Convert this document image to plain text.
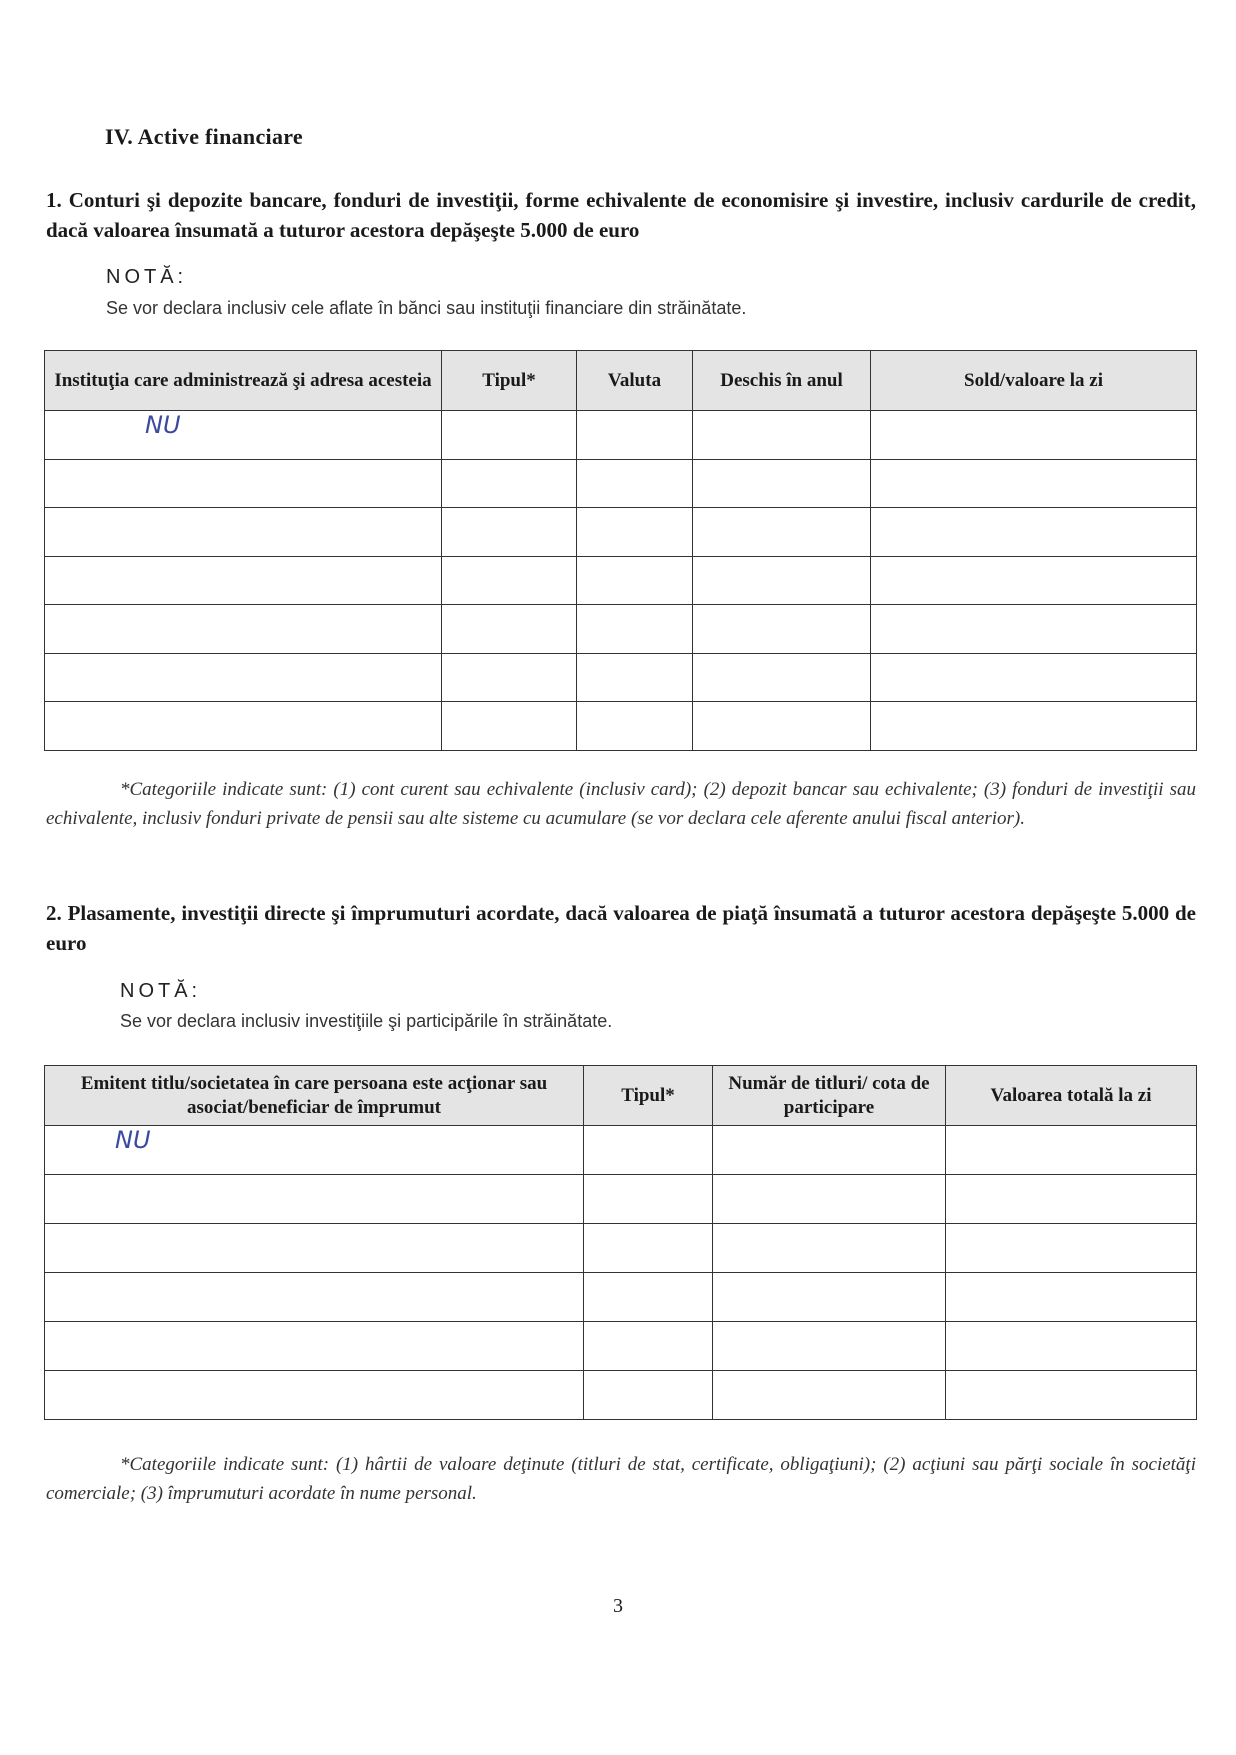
IV. Active financiare
1. Conturi şi depozite bancare, fonduri de investiţii, forme echivalente de economisire şi investire, inclusiv cardurile de credit, dacă valoarea însumată a tuturor acestora depăşeşte 5.000 de euro
NOTĂ:
Se vor declara inclusiv cele aflate în bănci sau instituţii financiare din străinătate.
Instituţia care administrează şi adresa acesteia	Tipul*	Valuta	Deschis în anul	Sold/valoare la zi
NU				

*Categoriile indicate sunt: (1) cont curent sau echivalente (inclusiv card); (2) depozit bancar sau echivalente; (3) fonduri de investiţii sau echivalente, inclusiv fonduri private de pensii sau alte sisteme cu acumulare (se vor declara cele aferente anului fiscal anterior).
2. Plasamente, investiţii directe şi împrumuturi acordate, dacă valoarea de piaţă însumată a tuturor acestora depăşeşte 5.000 de euro
NOTĂ:
Se vor declara inclusiv investiţiile şi participările în străinătate.
Emitent titlu/societatea în care persoana este acţionar sau asociat/beneficiar de împrumut	Tipul*	Număr de titluri/ cota de participare	Valoarea totală la zi
NU			

*Categoriile indicate sunt: (1) hârtii de valoare deţinute (titluri de stat, certificate, obligaţiuni); (2) acţiuni sau părţi sociale în societăţi comerciale; (3) împrumuturi acordate în nume personal.
3
